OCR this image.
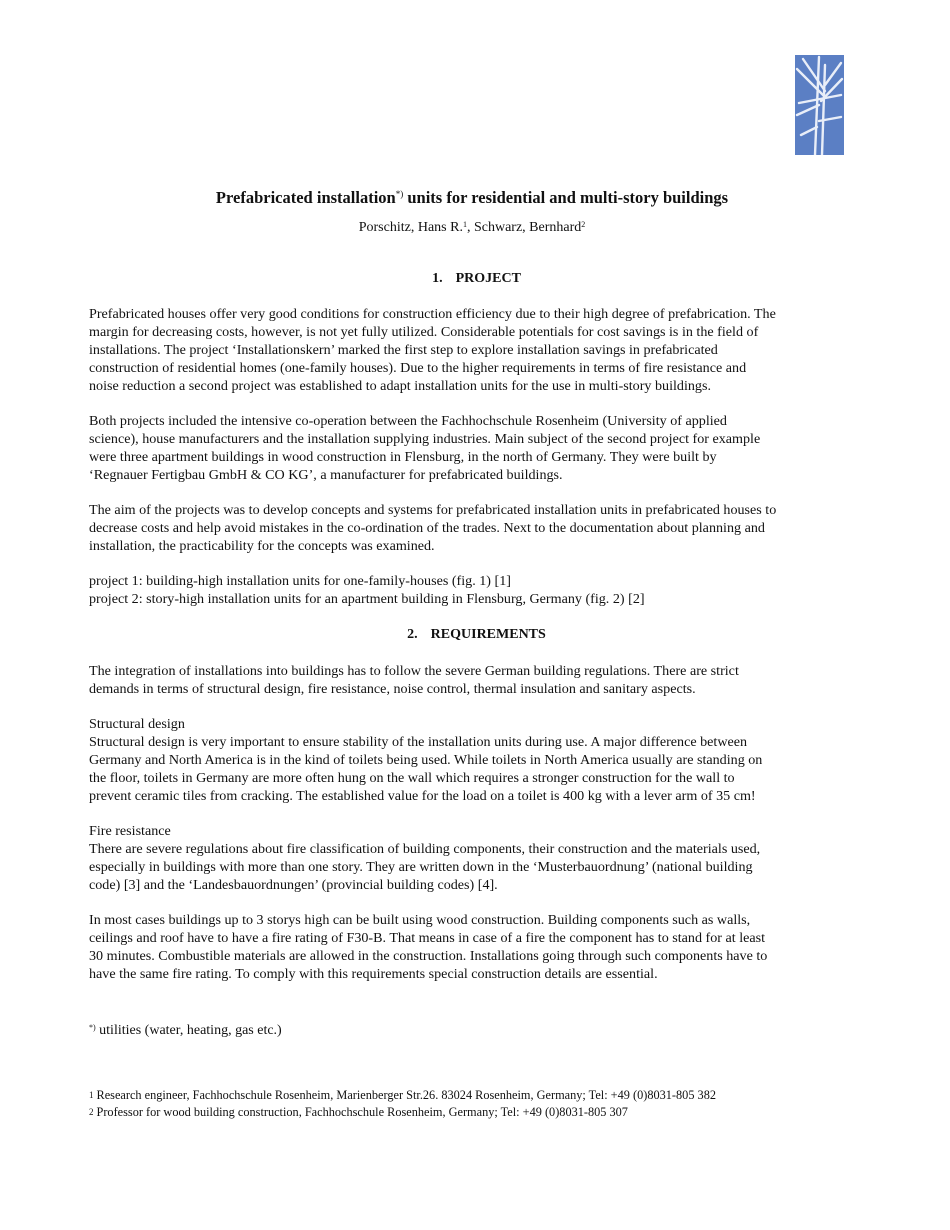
Prefabricated installation*) units for residential and multi-story buildings
Porschitz, Hans R.$^1$, Schwarz, Bernhard$^2$
1. PROJECT

Prefabricated houses offer very good conditions for construction efficiency due to their high degree of prefabrication. The
margin for decreasing costs, however, is not yet fully utilized. Considerable potentials for cost savings is in the field of
installations. The project ‘Installationskern’ marked the first step to explore installation savings in prefabricated
construction of residential homes (one-family houses). Due to the higher requirements in terms of fire resistance and
noise reduction a second project was established to adapt installation units for the use in multi-story buildings.

Both projects included the intensive co-operation between the Fachhochschule Rosenheim (University of applied
science), house manufacturers and the installation supplying industries. Main subject of the second project for example
were three apartment buildings in wood construction in Flensburg, in the north of Germany. They were built by
‘Regnauer Fertigbau GmbH & CO KG’, a manufacturer for prefabricated buildings.

The aim of the projects was to develop concepts and systems for prefabricated installation units in prefabricated houses to
decrease costs and help avoid mistakes in the co-ordination of the trades. Next to the documentation about planning and
installation, the practicability for the concepts was examined.

project 1: building-high installation units for one-family-houses (fig. 1) [1]
project 2: story-high installation units for an apartment building in Flensburg, Germany (fig. 2) [2]

2. REQUIREMENTS

The integration of installations into buildings has to follow the severe German building regulations. There are strict
demands in terms of structural design, fire resistance, noise control, thermal insulation and sanitary aspects.

Structural design
Structural design is very important to ensure stability of the installation units during use. A major difference between
Germany and North America is in the kind of toilets being used. While toilets in North America usually are standing on
the floor, toilets in Germany are more often hung on the wall which requires a stronger construction for the wall to
prevent ceramic tiles from cracking. The established value for the load on a toilet is 400 kg with a lever arm of 35 cm!

Fire resistance
There are severe regulations about fire classification of building components, their construction and the materials used,
especially in buildings with more than one story. They are written down in the ‘Musterbauordnung’ (national building
code) [3] and the ‘Landesbauordnungen’ (provincial building codes) [4].

In most cases buildings up to 3 storys high can be built using wood construction. Building components such as walls,
ceilings and roof have to have a fire rating of F30-B. That means in case of a fire the component has to stand for at least
30 minutes. Combustible materials are allowed in the construction. Installations going through such components have to
have the same fire rating. To comply with this requirements special construction details are essential.

*) utilities (water, heating, gas etc.)
$^1$ Research engineer, Fachhochschule Rosenheim, Marienberger Str.26. 83024 Rosenheim, Germany; Tel: +49 (0)8031-805 382
$^2$ Professor for wood building construction, Fachhochschule Rosenheim, Germany; Tel: +49 (0)8031-805 307
